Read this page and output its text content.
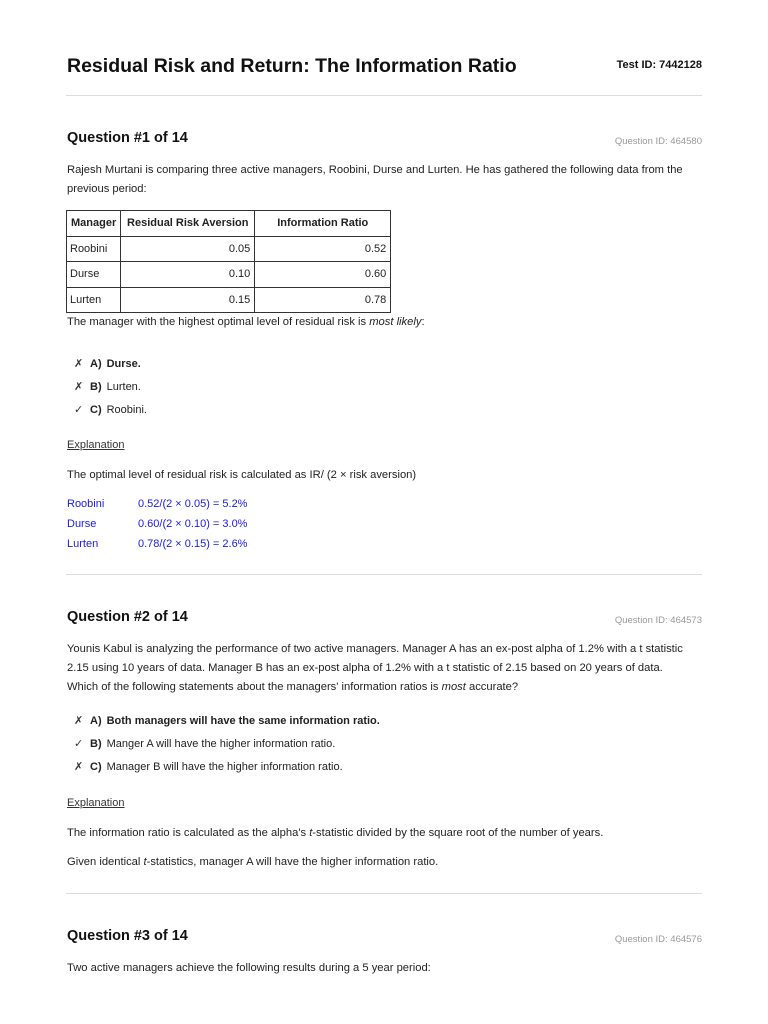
Residual Risk and Return: The Information Ratio	Test ID: 7442128
Question #1 of 14	Question ID: 464580
Rajesh Murtani is comparing three active managers, Roobini, Durse and Lurten. He has gathered the following data from the
previous period:
Manager	Residual Risk Aversion	Information Ratio
Roobini	0.05	0.52
Durse	0.10	0.60
Lurten	0.15	0.78
The manager with the highest optimal level of residual risk is most likely:
✗ A) Durse.
✗ B) Lurten.
✓ C) Roobini.
Explanation
The optimal level of residual risk is calculated as IR/ (2 × risk aversion)
Roobini	0.52/(2 × 0.05) = 5.2%
Durse	0.60/(2 × 0.10) = 3.0%
Lurten	0.78/(2 × 0.15) = 2.6%
Question #2 of 14	Question ID: 464573
Younis Kabul is analyzing the performance of two active managers. Manager A has an ex-post alpha of 1.2% with a t statistic
2.15 using 10 years of data. Manager B has an ex-post alpha of 1.2% with a t statistic of 2.15 based on 20 years of data.
Which of the following statements about the managers' information ratios is most accurate?
✗ A) Both managers will have the same information ratio.
✓ B) Manger A will have the higher information ratio.
✗ C) Manager B will have the higher information ratio.
Explanation
The information ratio is calculated as the alpha's t-statistic divided by the square root of the number of years.
Given identical t-statistics, manager A will have the higher information ratio.
Question #3 of 14	Question ID: 464576
Two active managers achieve the following results during a 5 year period:
